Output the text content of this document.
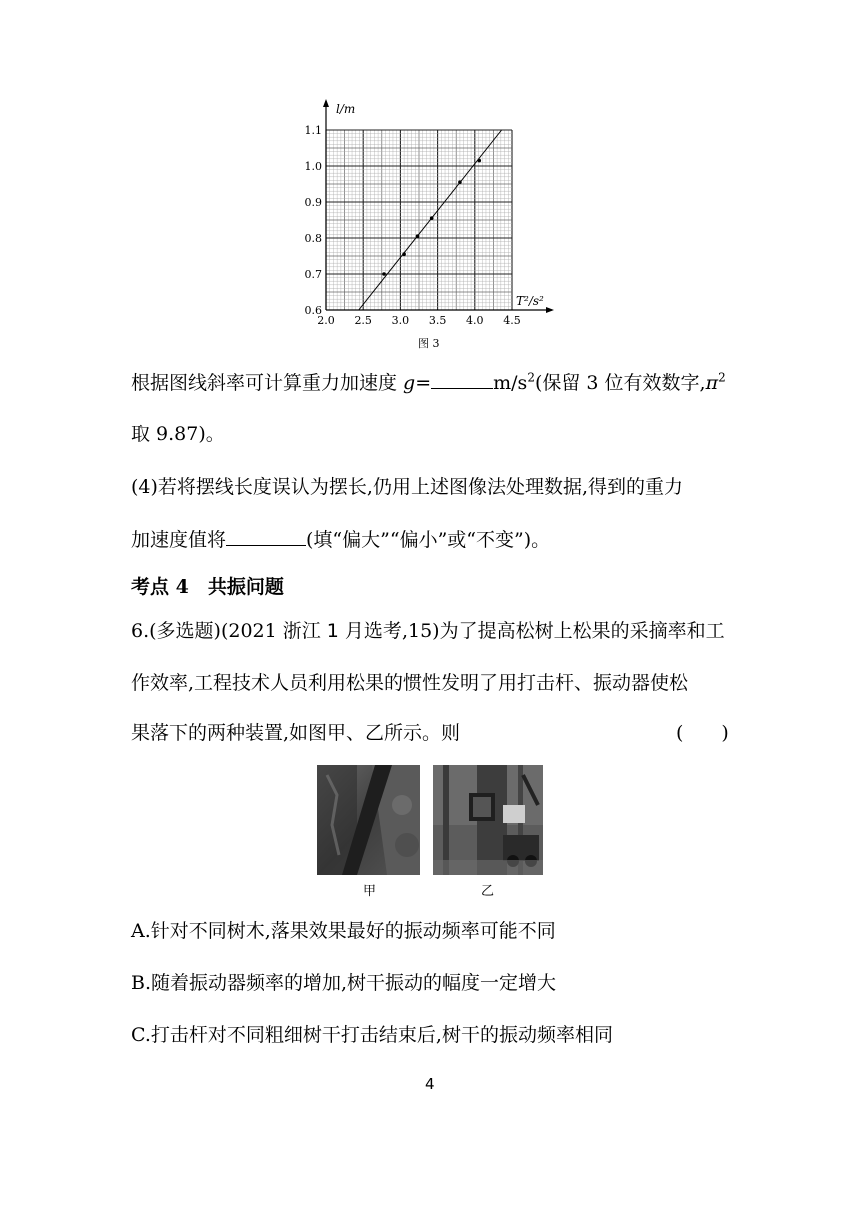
2.0 2.5 3.0 3.5 4.0 4.5
0.6
0.7
0.8
0.9
1.0
1.1
l/m
T²/s²
图 3
根据图线斜率可计算重力加速度 g=	$m/s^2$(保留 3 位有效数字$,\pi^2$
取 9.87)。
(4)若将摆线长度误认为摆长,仍用上述图像法处理数据,得到的重力
加速度值将	(填“偏大”“偏小”或“不变”)。
考点 4　共振问题
6.(多选题)(2021 浙江 1 月选考,15)为了提高松树上松果的采摘率和工
作效率,工程技术人员利用松果的惯性发明了用打击杆、振动器使松
果落下的两种装置,如图甲、乙所示。则	(　　)
甲	乙
A.针对不同树木,落果效果最好的振动频率可能不同
B.随着振动器频率的增加,树干振动的幅度一定增大
C.打击杆对不同粗细树干打击结束后,树干的振动频率相同
4
